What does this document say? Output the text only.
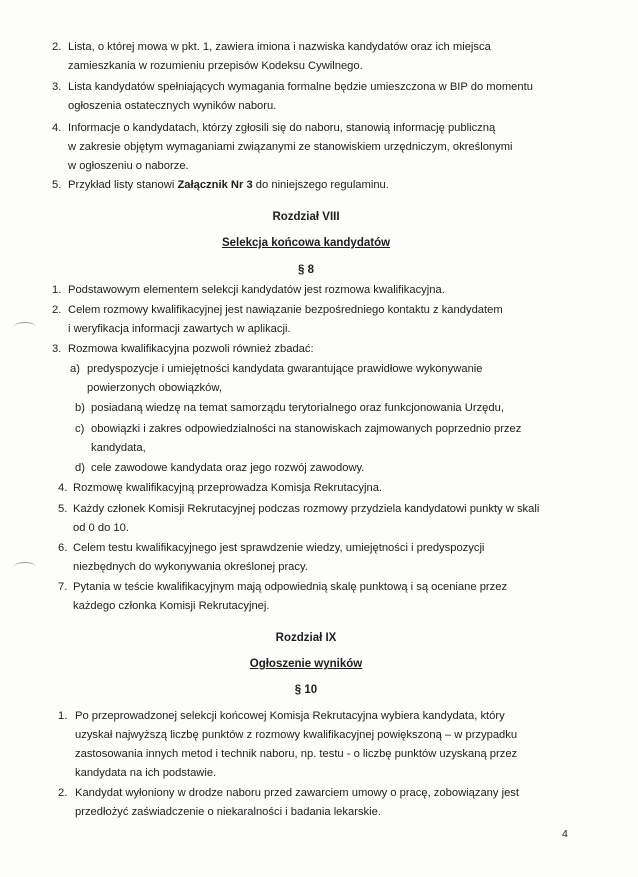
2. Lista, o której mowa w pkt. 1, zawiera imiona i nazwiska kandydatów oraz ich miejsca
zamieszkania w rozumieniu przepisów Kodeksu Cywilnego.
3. Lista kandydatów spełniających wymagania formalne będzie umieszczona w BIP do momentu
ogłoszenia ostatecznych wyników naboru.
4. Informacje o kandydatach, którzy zgłosili się do naboru, stanowią informację publiczną
w zakresie objętym wymaganiami związanymi ze stanowiskiem urzędniczym, określonymi
w ogłoszeniu o naborze.
5. Przykład listy stanowi Załącznik Nr 3 do niniejszego regulaminu.
Rozdział VIII
Selekcja końcowa kandydatów
§ 8
1. Podstawowym elementem selekcji kandydatów jest rozmowa kwalifikacyjna.
2. Celem rozmowy kwalifikacyjnej jest nawiązanie bezpośredniego kontaktu z kandydatem
i weryfikacja informacji zawartych w aplikacji.
3. Rozmowa kwalifikacyjna pozwoli również zbadać:
a) predyspozycje i umiejętności kandydata gwarantujące prawidłowe wykonywanie
powierzonych obowiązków,
b) posiadaną wiedzę na temat samorządu terytorialnego oraz funkcjonowania Urzędu,
c) obowiązki i zakres odpowiedzialności na stanowiskach zajmowanych poprzednio przez
kandydata,
d) cele zawodowe kandydata oraz jego rozwój zawodowy.
4. Rozmowę kwalifikacyjną przeprowadza Komisja Rekrutacyjna.
5. Każdy członek Komisji Rekrutacyjnej podczas rozmowy przydziela kandydatowi punkty w skali
od 0 do 10.
6. Celem testu kwalifikacyjnego jest sprawdzenie wiedzy, umiejętności i predyspozycji
niezbędnych do wykonywania określonej pracy.
7. Pytania w teście kwalifikacyjnym mają odpowiednią skalę punktową i są oceniane przez
każdego członka Komisji Rekrutacyjnej.
Rozdział IX
Ogłoszenie wyników
§ 10
1. Po przeprowadzonej selekcji końcowej Komisja Rekrutacyjna wybiera kandydata, który
uzyskał najwyższą liczbę punktów z rozmowy kwalifikacyjnej powiększoną – w przypadku
zastosowania innych metod i technik naboru, np. testu - o liczbę punktów uzyskaną przez
kandydata na ich podstawie.
2. Kandydat wyłoniony w drodze naboru przed zawarciem umowy o pracę, zobowiązany jest
przedłożyć zaświadczenie o niekaralności i badania lekarskie.
4
